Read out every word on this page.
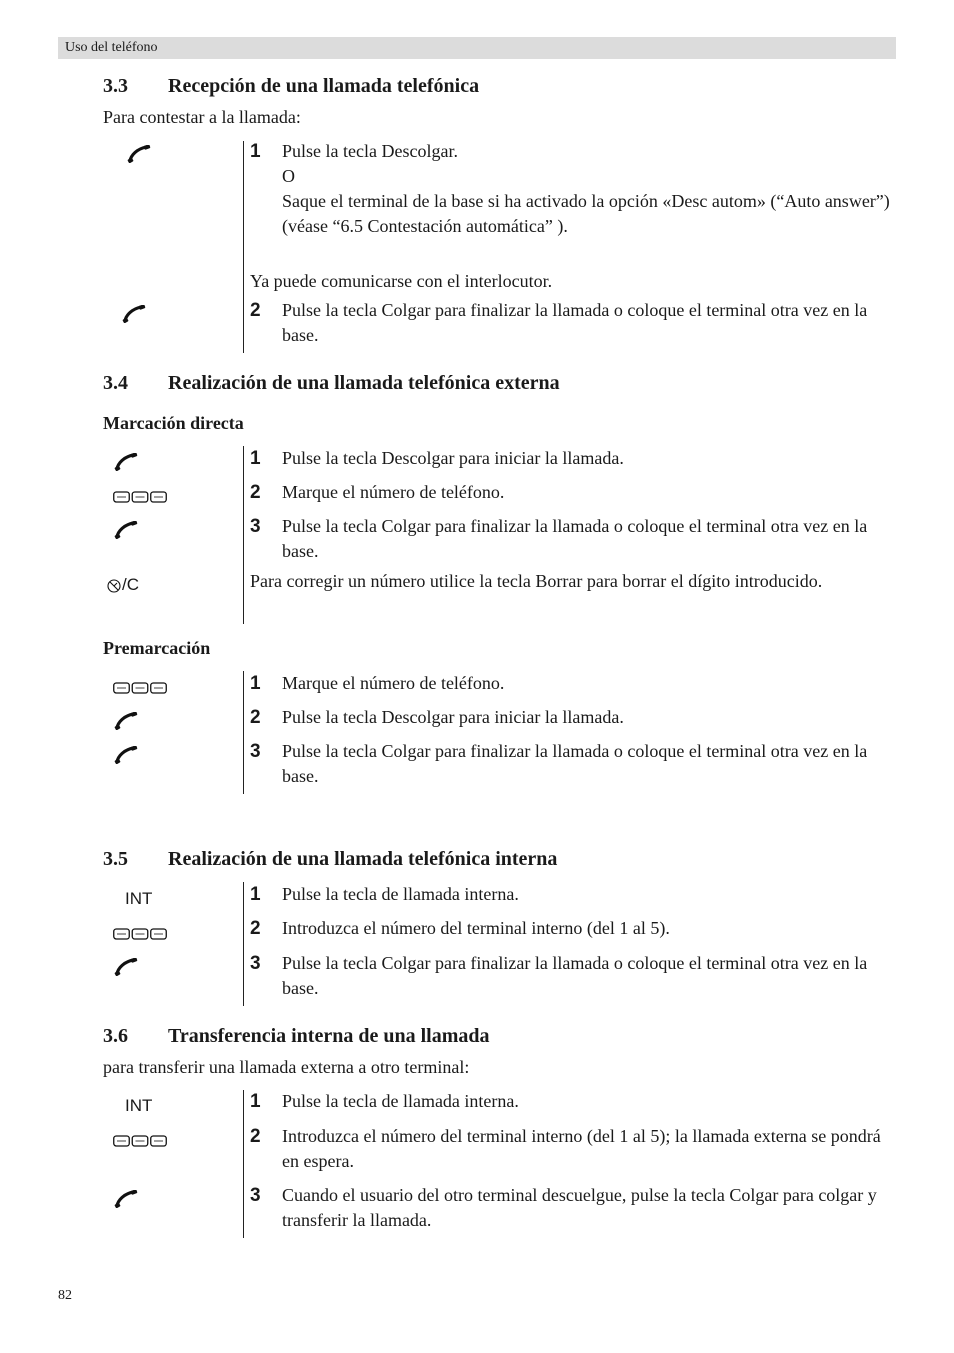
Uso del teléfono
3.3 Recepción de una llamada telefónica
Para contestar a la llamada:
1	Pulse la tecla Descolgar.
O
Saque el terminal de la base si ha activado la opción «Desc autom» (“Auto answer”)
(véase “6.5 Contestación automática” ).
Ya puede comunicarse con el interlocutor.
2	Pulse la tecla Colgar para finalizar la llamada o coloque el terminal otra vez en la base.
3.4 Realización de una llamada telefónica externa
Marcación directa
1	Pulse la tecla Descolgar para iniciar la llamada.
2	Marque el número de teléfono.
3	Pulse la tecla Colgar para finalizar la llamada o coloque el terminal otra vez en la base.
/C	Para corregir un número utilice la tecla Borrar para borrar el dígito introducido.
Premarcación
1	Marque el número de teléfono.
2	Pulse la tecla Descolgar para iniciar la llamada.
3	Pulse la tecla Colgar para finalizar la llamada o coloque el terminal otra vez en la base.
3.5 Realización de una llamada telefónica interna
INT	1	Pulse la tecla de llamada interna.
2	Introduzca el número del terminal interno (del 1 al 5).
3	Pulse la tecla Colgar para finalizar la llamada o coloque el terminal otra vez en la base.
3.6 Transferencia interna de una llamada
para transferir una llamada externa a otro terminal:
INT	1	Pulse la tecla de llamada interna.
2	Introduzca el número del terminal interno (del 1 al 5); la llamada externa se pondrá en espera.
3	Cuando el usuario del otro terminal descuelgue, pulse la tecla Colgar para colgar y transferir la llamada.
82
